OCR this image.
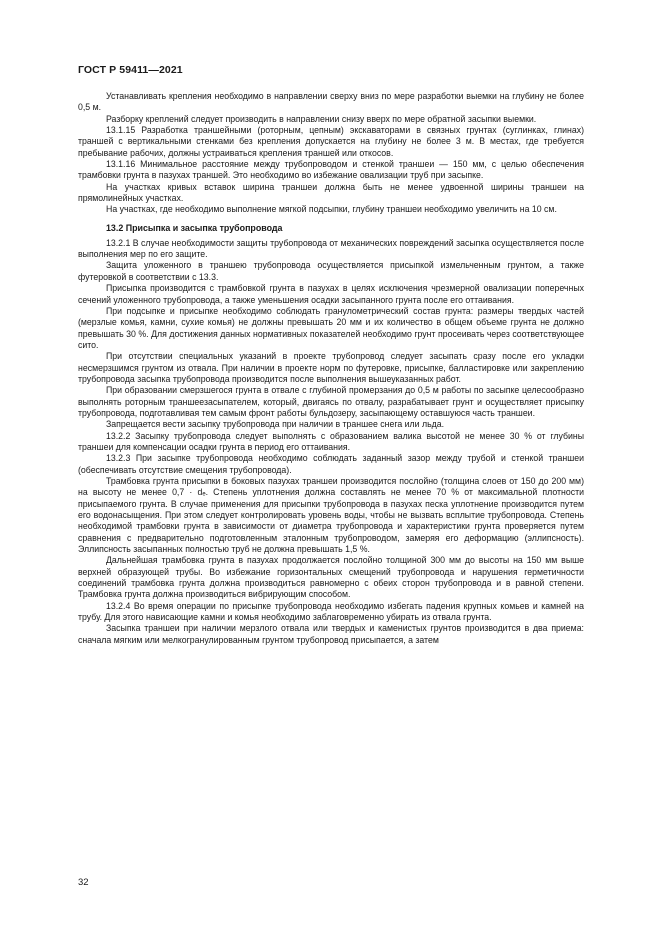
ГОСТ Р 59411—2021

Устанавливать крепления необходимо в направлении сверху вниз по мере разработки выемки на глубину не более 0,5 м.

Разборку креплений следует производить в направлении снизу вверх по мере обратной засыпки выемки.

13.1.15 Разработка траншейными (роторным, цепным) экскаваторами в связных грунтах (суглинках, глинах) траншей с вертикальными стенками без крепления допускается на глубину не более 3 м. В местах, где требуется пребывание рабочих, должны устраиваться крепления траншей или откосов.

13.1.16 Минимальное расстояние между трубопроводом и стенкой траншеи — 150 мм, с целью обеспечения трамбовки грунта в пазухах траншей. Это необходимо во избежание овализации труб при засыпке.

На участках кривых вставок ширина траншеи должна быть не менее удвоенной ширины траншеи на прямолинейных участках.

На участках, где необходимо выполнение мягкой подсыпки, глубину траншеи необходимо увеличить на 10 см.

13.2 Присыпка и засыпка трубопровода

13.2.1 В случае необходимости защиты трубопровода от механических повреждений засыпка осуществляется после выполнения мер по его защите.

Защита уложенного в траншею трубопровода осуществляется присыпкой измельченным грунтом, а также футеровкой в соответствии с 13.3.

Присыпка производится с трамбовкой грунта в пазухах в целях исключения чрезмерной овализации поперечных сечений уложенного трубопровода, а также уменьшения осадки засыпанного грунта после его оттаивания.

При подсыпке и присыпке необходимо соблюдать гранулометрический состав грунта: размеры твердых частей (мерзлые комья, камни, сухие комья) не должны превышать 20 мм и их количество в общем объеме грунта не должно превышать 30 %. Для достижения данных нормативных показателей необходимо грунт просеивать через соответствующее сито.

При отсутствии специальных указаний в проекте трубопровод следует засыпать сразу после его укладки несмерзшимся грунтом из отвала. При наличии в проекте норм по футеровке, присыпке, балластировке или закреплению трубопровода засыпка трубопровода производится после выполнения вышеуказанных работ.

При образовании смерзшегося грунта в отвале с глубиной промерзания до 0,5 м работы по засыпке целесообразно выполнять роторным траншеезасыпателем, который, двигаясь по отвалу, разрабатывает грунт и осуществляет присыпку трубопровода, подготавливая тем самым фронт работы бульдозеру, засыпающему оставшуюся часть траншеи.

Запрещается вести засыпку трубопровода при наличии в траншее снега или льда.

13.2.2 Засыпку трубопровода следует выполнять с образованием валика высотой не менее 30 % от глубины траншеи для компенсации осадки грунта в период его оттаивания.

13.2.3 При засыпке трубопровода необходимо соблюдать заданный зазор между трубой и стенкой траншеи (обеспечивать отсутствие смещения трубопровода).

Трамбовка грунта присыпки в боковых пазухах траншеи производится послойно (толщина слоев от 150 до 200 мм) на высоту не менее 0,7 · dₑ. Степень уплотнения должна составлять не менее 70 % от максимальной плотности присыпаемого грунта. В случае применения для присыпки трубопровода в пазухах песка уплотнение производится путем его водонасыщения. При этом следует контролировать уровень воды, чтобы не вызвать всплытие трубопровода. Степень необходимой трамбовки грунта в зависимости от диаметра трубопровода и характеристики грунта проверяется путем сравнения с предварительно подготовленным эталонным трубопроводом, замеряя его деформацию (эллипсность). Эллипсность засыпанных полностью труб не должна превышать 1,5 %.

Дальнейшая трамбовка грунта в пазухах продолжается послойно толщиной 300 мм до высоты на 150 мм выше верхней образующей трубы. Во избежание горизонтальных смещений трубопровода и нарушения герметичности соединений трамбовка грунта должна производиться равномерно с обеих сторон трубопровода и в равной степени. Трамбовка грунта должна производиться вибрирующим способом.

13.2.4 Во время операции по присыпке трубопровода необходимо избегать падения крупных комьев и камней на трубу. Для этого нависающие камни и комья необходимо заблаговременно убирать из отвала грунта.

Засыпка траншеи при наличии мерзлого отвала или твердых и каменистых грунтов производится в два приема: сначала мягким или мелкогранулированным грунтом трубопровод присыпается, а затем

32
